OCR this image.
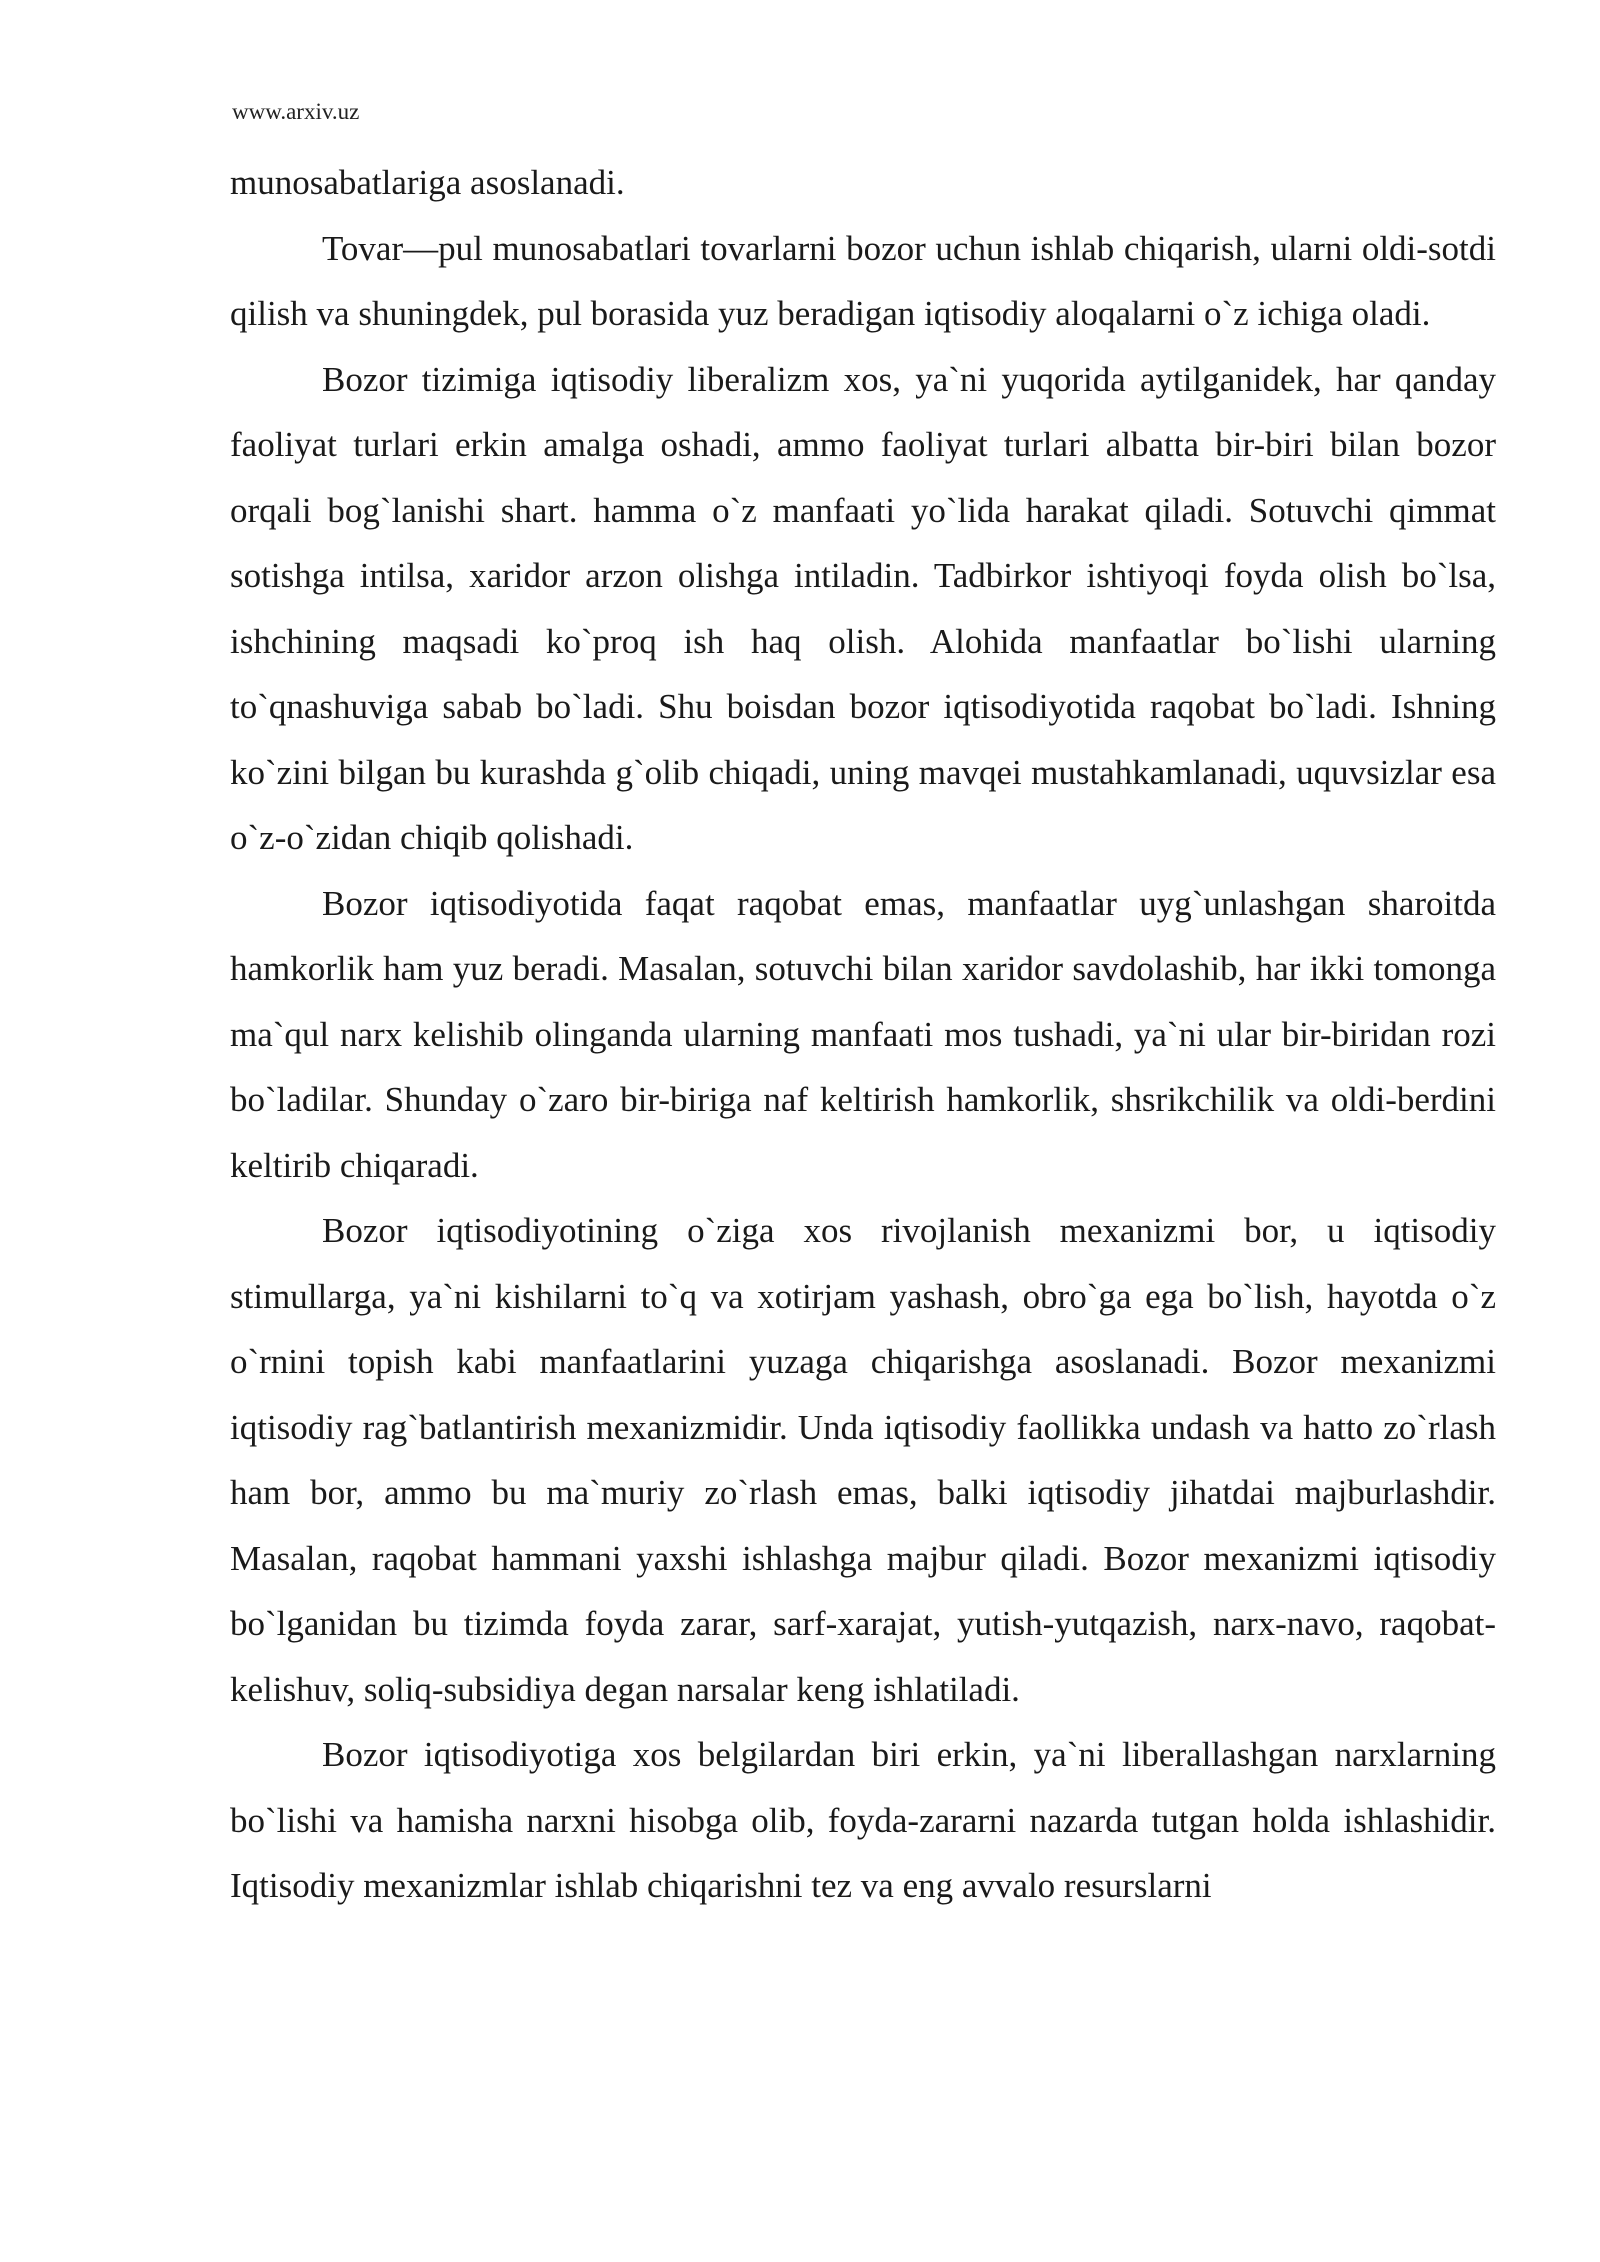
www.arxiv.uz

munosabatlariga asoslanadi.

Tovar—pul munosabatlari tovarlarni bozor uchun ishlab chiqarish, ularni oldi-sotdi qilish va shuningdek, pul borasida yuz beradigan iqtisodiy aloqalarni o`z ichiga oladi.

Bozor tizimiga iqtisodiy liberalizm xos, ya`ni yuqorida aytilganidek, har qanday faoliyat turlari erkin amalga oshadi, ammo faoliyat turlari albatta bir-biri bilan bozor orqali bog`lanishi shart. hamma o`z manfaati yo`lida harakat qiladi. Sotuvchi qimmat sotishga intilsa, xaridor arzon olishga intiladin. Tadbirkor ishtiyoqi foyda olish bo`lsa, ishchining maqsadi ko`proq ish haq olish. Alohida manfaatlar bo`lishi ularning to`qnashuviga sabab bo`ladi. Shu boisdan bozor iqtisodiyotida raqobat bo`ladi. Ishning ko`zini bilgan bu kurashda g`olib chiqadi, uning mavqei mustahkamlanadi, uquvsizlar esa o`z-o`zidan chiqib qolishadi.

Bozor iqtisodiyotida faqat raqobat emas, manfaatlar uyg`unlashgan sharoitda hamkorlik ham yuz beradi. Masalan, sotuvchi bilan xaridor savdolashib, har ikki tomonga ma`qul narx kelishib olinganda ularning manfaati mos tushadi, ya`ni ular bir-biridan rozi bo`ladilar. Shunday o`zaro bir-biriga naf keltirish hamkorlik, shsrikchilik va oldi-berdini keltirib chiqaradi.

Bozor iqtisodiyotining o`ziga xos rivojlanish mexanizmi bor, u iqtisodiy stimullarga, ya`ni kishilarni to`q va xotirjam yashash, obro`ga ega bo`lish, hayotda o`z o`rnini topish kabi manfaatlarini yuzaga chiqarishga asoslanadi. Bozor mexanizmi iqtisodiy rag`batlantirish mexanizmidir. Unda iqtisodiy faollikka undash va hatto zo`rlash ham bor, ammo bu ma`muriy zo`rlash emas, balki iqtisodiy jihatdai majburlashdir. Masalan, raqobat hammani yaxshi ishlashga majbur qiladi. Bozor mexanizmi iqtisodiy bo`lganidan bu tizimda foyda zarar, sarf-xarajat, yutish-yutqazish, narx-navo, raqobat-kelishuv, soliq-subsidiya degan narsalar keng ishlatiladi.

Bozor iqtisodiyotiga xos belgilardan biri erkin, ya`ni liberallashgan narxlarning bo`lishi va hamisha narxni hisobga olib, foyda-zararni nazarda tutgan holda ishlashidir. Iqtisodiy mexanizmlar ishlab chiqarishni tez va eng avvalo resurslarni
